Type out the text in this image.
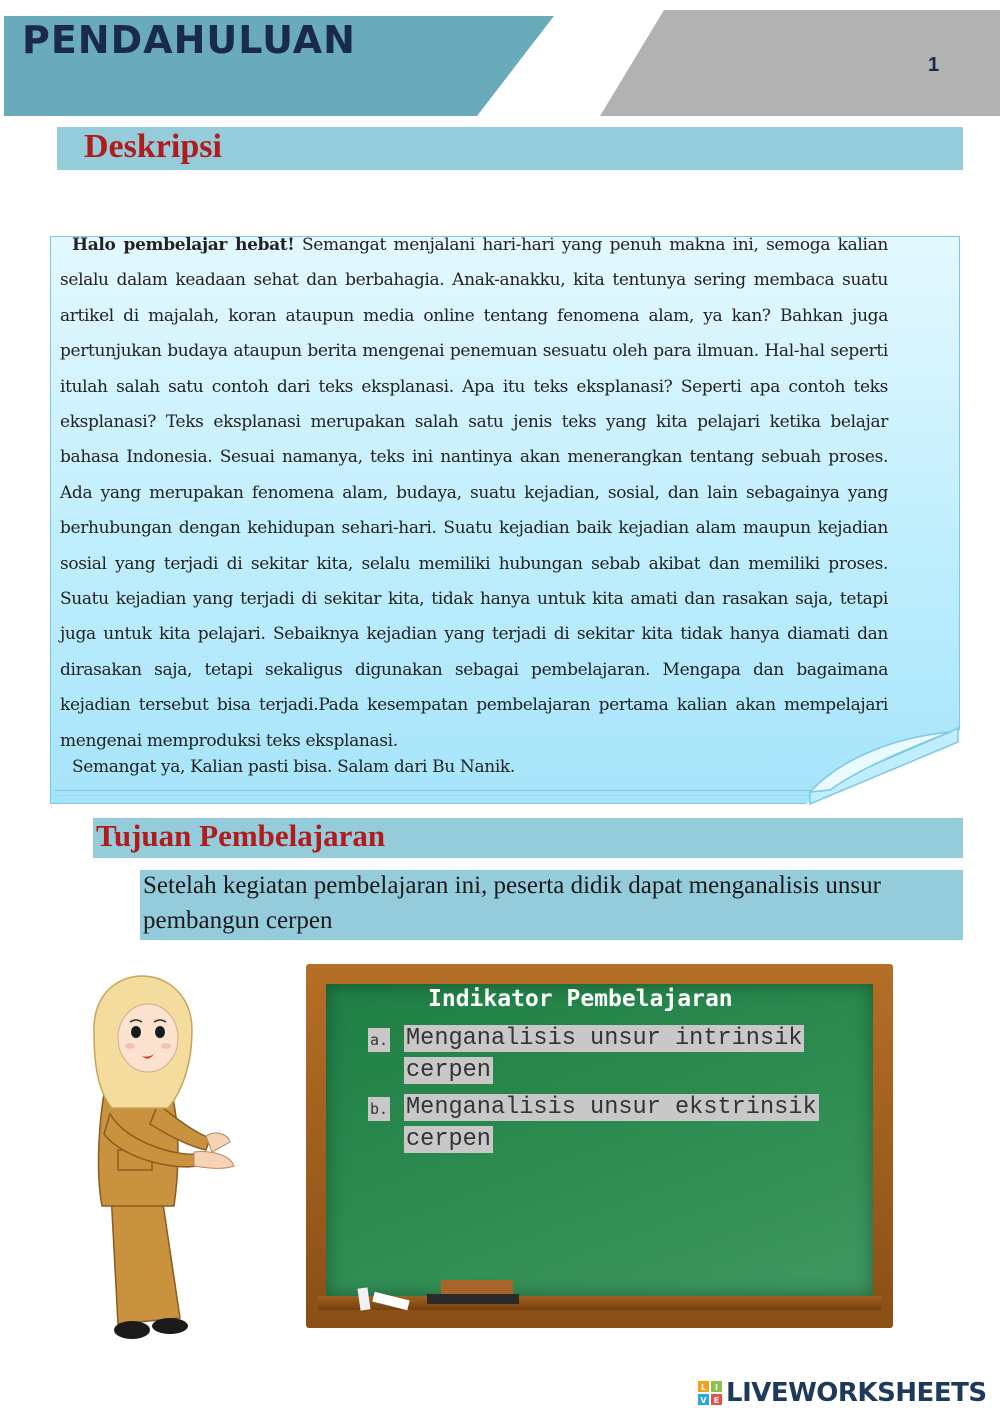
PENDAHULUAN
1
Deskripsi

Halo pembelajar hebat! Semangat menjalani hari-hari yang penuh makna ini, semoga kalian selalu dalam keadaan sehat dan berbahagia. Anak-anakku, kita tentunya sering membaca suatu artikel di majalah, koran ataupun media online tentang fenomena alam, ya kan? Bahkan juga pertunjukan budaya ataupun berita mengenai penemuan sesuatu oleh para ilmuan. Hal-hal seperti itulah salah satu contoh dari teks eksplanasi. Apa itu teks eksplanasi? Seperti apa contoh teks eksplanasi? Teks eksplanasi merupakan salah satu jenis teks yang kita pelajari ketika belajar bahasa Indonesia. Sesuai namanya, teks ini nantinya akan menerangkan tentang sebuah proses. Ada yang merupakan fenomena alam, budaya, suatu kejadian, sosial, dan lain sebagainya yang berhubungan dengan kehidupan sehari-hari. Suatu kejadian baik kejadian alam maupun kejadian sosial yang terjadi di sekitar kita, selalu memiliki hubungan sebab akibat dan memiliki proses. Suatu kejadian yang terjadi di sekitar kita, tidak hanya untuk kita amati dan rasakan saja, tetapi juga untuk kita pelajari. Sebaiknya kejadian yang terjadi di sekitar kita tidak hanya diamati dan dirasakan saja, tetapi sekaligus digunakan sebagai pembelajaran. Mengapa dan bagaimana kejadian tersebut bisa terjadi.Pada kesempatan pembelajaran pertama kalian akan mempelajari mengenai memproduksi teks eksplanasi.

Semangat ya, Kalian pasti bisa. Salam dari Bu Nanik.

Tujuan Pembelajaran

Setelah kegiatan pembelajaran ini, peserta didik dapat menganalisis unsur pembangun cerpen

Indikator Pembelajaran
a. Menganalisis unsur intrinsik
cerpen
b. Menganalisis unsur ekstrinsik
cerpen
L I
V E LIVEWORKSHEETS
